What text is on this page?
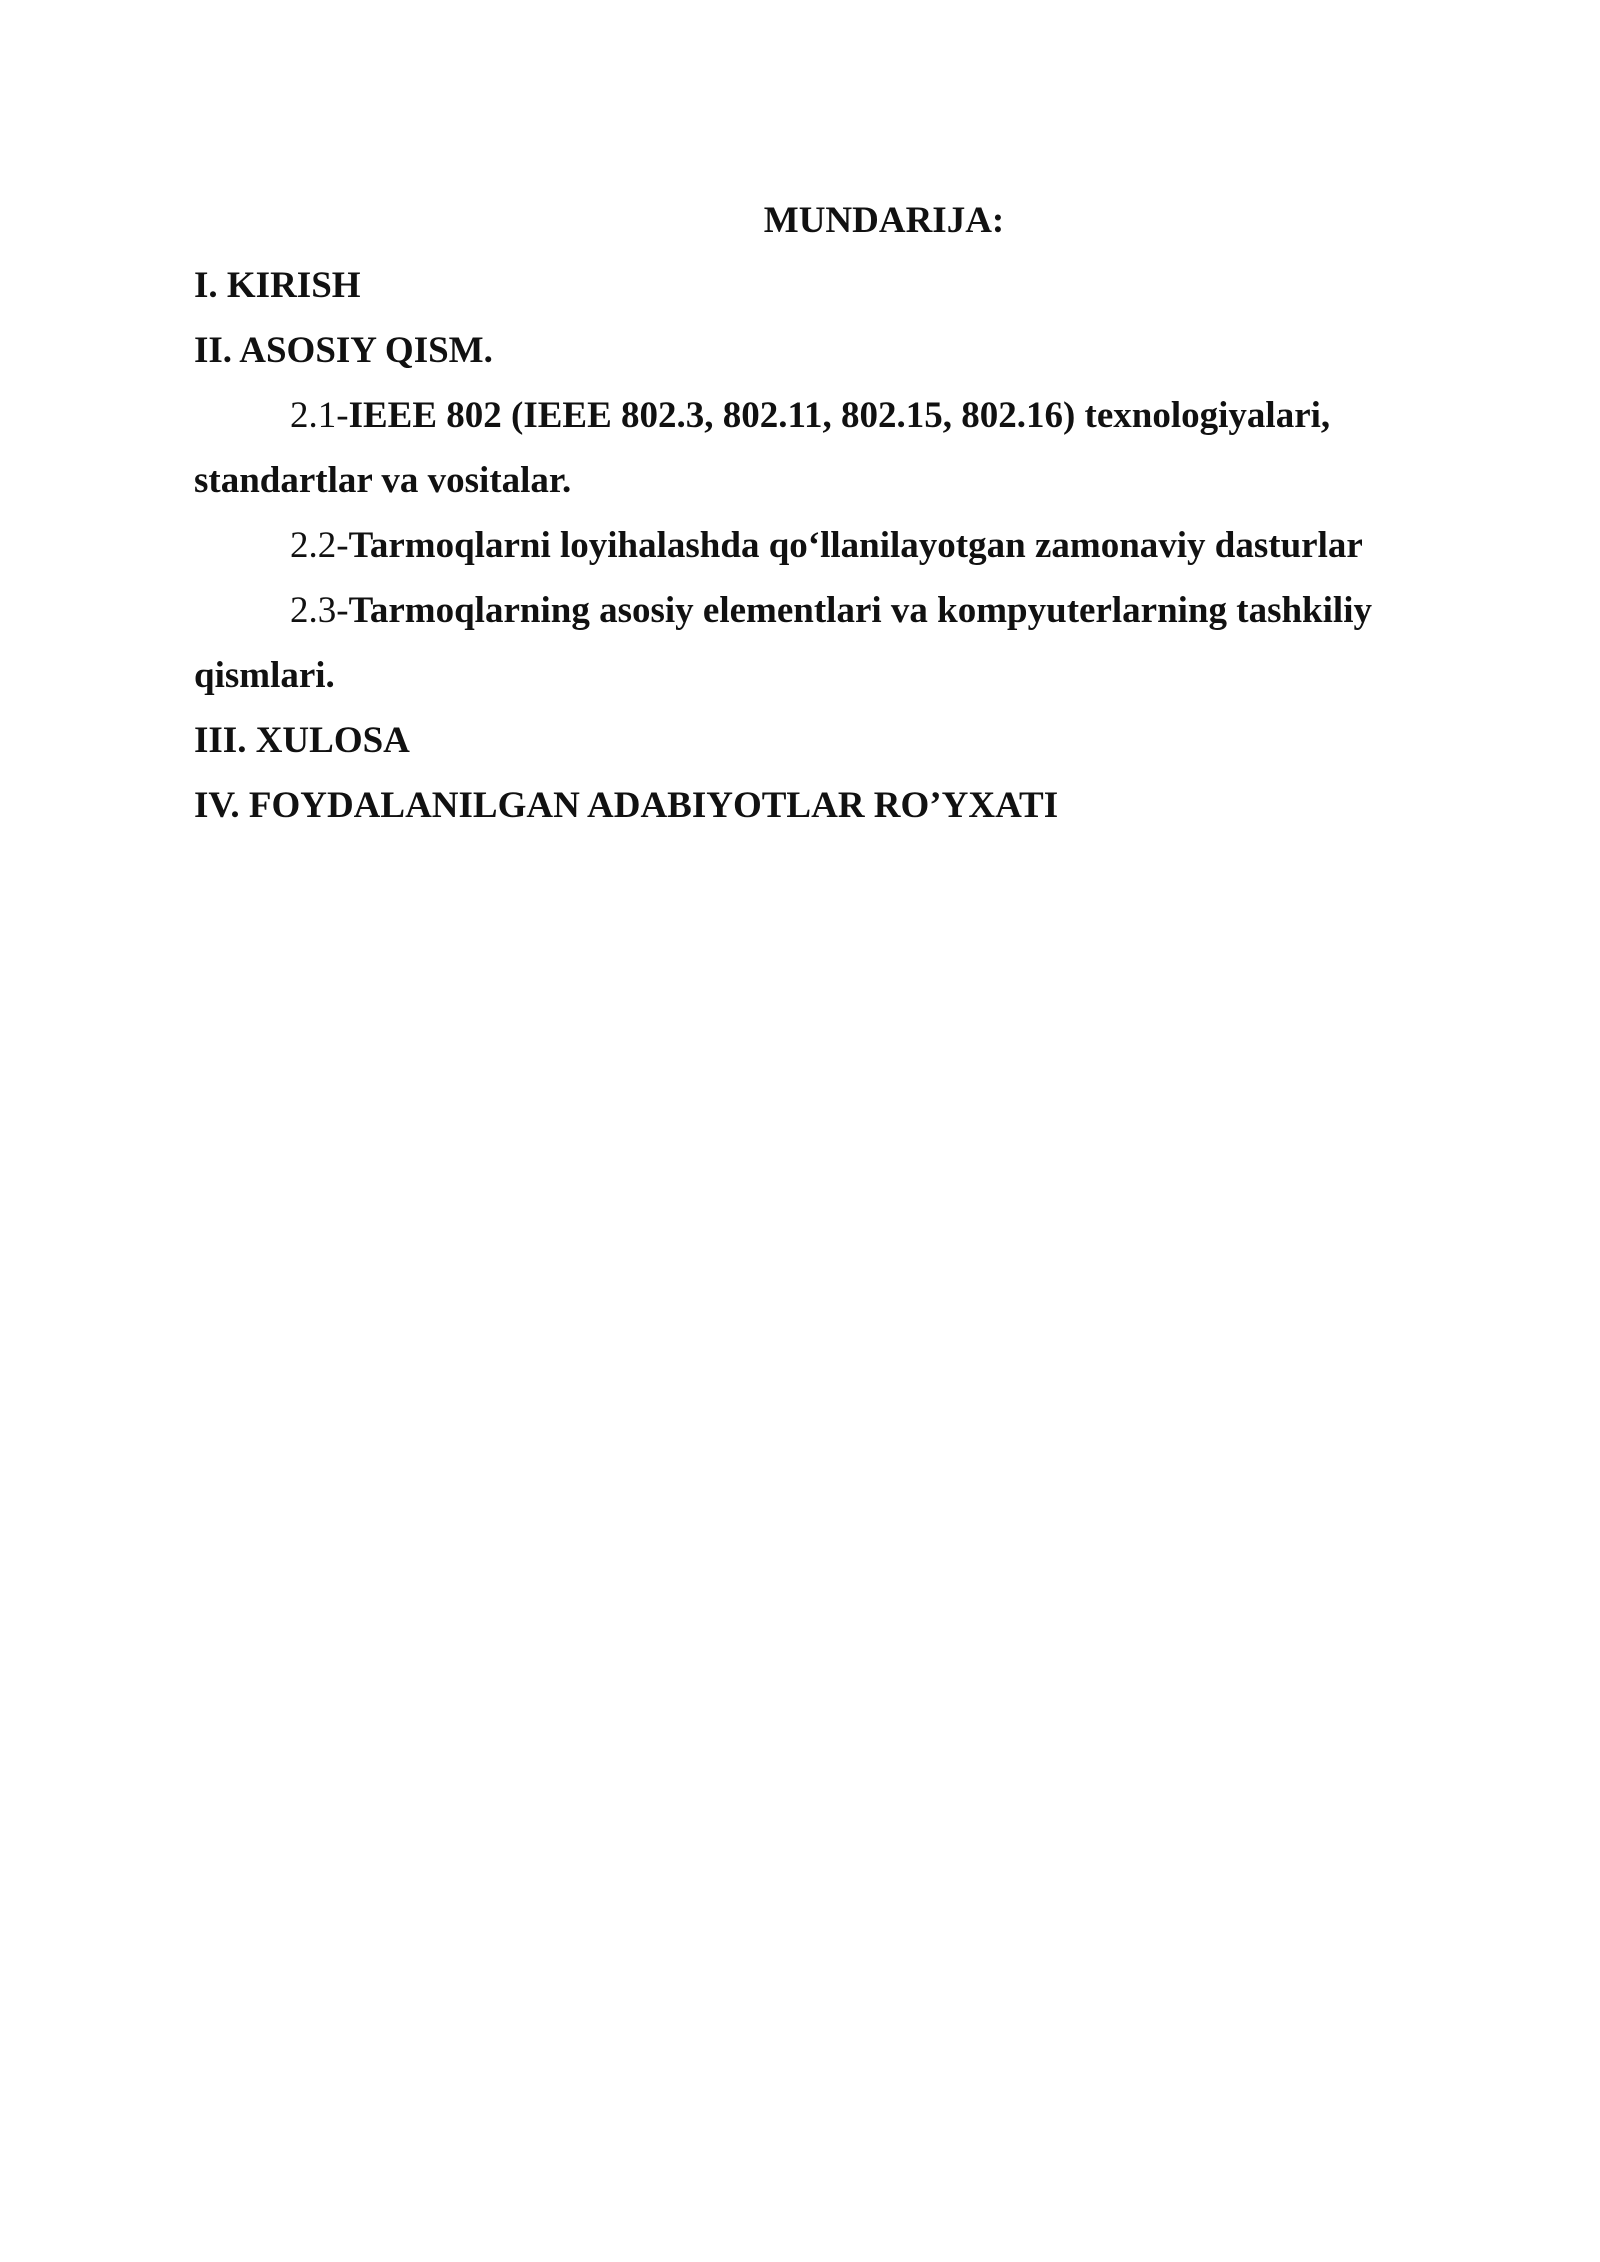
MUNDARIJA:

I. KIRISH

II. ASOSIY QISM.

2.1-IEEE 802 (IEEE 802.3, 802.11, 802.15, 802.16) texnologiyalari,
standartlar va vositalar.
2.2-Tarmoqlarni loyihalashda qo‘llanilayotgan zamonaviy dasturlar
2.3-Tarmoqlarning asosiy elementlari va kompyuterlarning tashkiliy
qismlari.

III. XULOSA

IV. FOYDALANILGAN ADABIYOTLAR RO’YXATI
